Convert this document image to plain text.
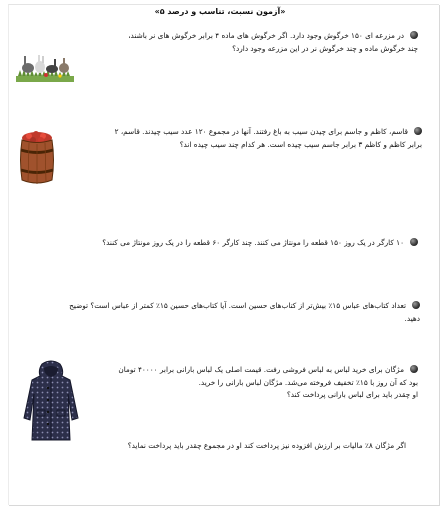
«آزمون نسبت، تناسب و درصد ۵»

در مزرعه ای ۱۵۰ خرگوش وجود دارد. اگر خرگوش های ماده ۴ برابر خرگوش های نر باشند،

چند خرگوش ماده و چند خرگوش نر در این مزرعه وجود دارد؟

قاسم، کاظم و جاسم برای چیدن سیب به باغ رفتند. آنها در مجموع ۱۲۰ عدد سیب چیدند. قاسم، ۲

برابر کاظم و کاظم ۳ برابر جاسم سیب چیده است. هر کدام چند سیب چیده اند؟

۱۰ کارگر در یک روز ۱۵۰ قطعه را مونتاژ می کنند. چند کارگر ۶۰ قطعه را در یک روز مونتاژ می کنند؟

تعداد کتاب‌های عباس ۱۵٪ بیش‌تر از کتاب‌های حسین است. آیا کتاب‌های حسین ۱۵٪ کمتر از عباس است؟ توضیح

دهید.

مژگان برای خرید لباس به لباس فروشی رفت. قیمت اصلی یک لباس بارانی برابر ۴۰۰۰۰ تومان

بود که آن روز با ۱۵٪ تخفیف فروخته می‌شد. مژگان لباس بارانی را خرید.

او چقدر باید برای لباس بارانی پرداخت کند؟

اگر مژگان ۸٪ مالیات بر ارزش افزوده نیز پرداخت کند او در مجموع چقدر باید پرداخت نماید؟
